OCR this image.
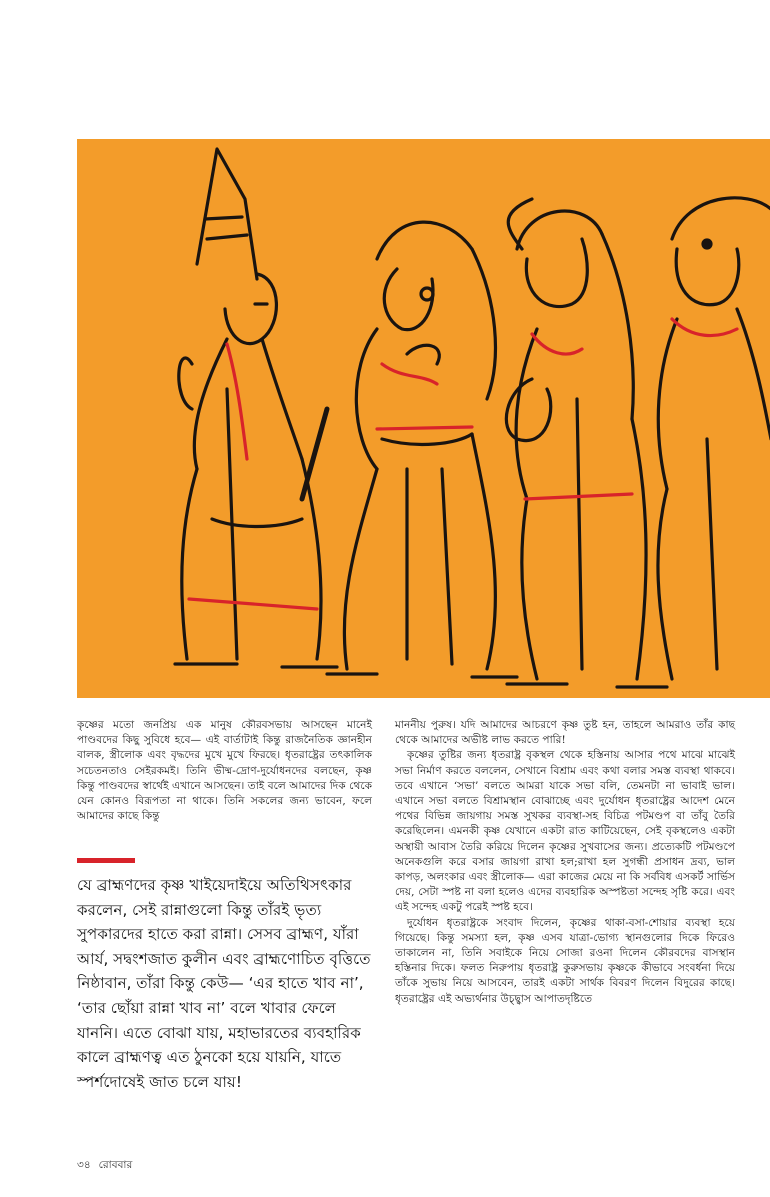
কৃষ্ণের মতো জনপ্রিয় এক মানুষ কৌরবসভায় আসছেন মানেই পাণ্ডবদের কিছু সুবিধে হবে— এই বার্তাটাই কিন্তু রাজনৈতিক জ্ঞানহীন বালক, স্ত্রীলোক এবং বৃদ্ধদের মুখে মুখে ফিরছে। ধৃতরাষ্ট্রের তৎকালিক সচেতনতাও সেইরকমই। তিনি ভীষ্ম-দ্রোণ-দুর্যোধনদের বলছেন, কৃষ্ণ কিন্তু পাণ্ডবদের স্বার্থেই এখানে আসছেন। তাই বলে আমাদের দিক থেকে যেন কোনও বিরূপতা না থাকে। তিনি সকলের জন্য ভাবেন, ফলে আমাদের কাছে কিন্তু
যে ব্রাহ্মণদের কৃষ্ণ খাইয়েদাইয়ে অতিথিসৎকার করলেন, সেই রান্নাগুলো কিন্তু তাঁরই ভৃত্য সুপকারদের হাতে করা রান্না। সেসব ব্রাহ্মণ, যাঁরা আর্য, সদ্বংশজাত কুলীন এবং ব্রাহ্মণোচিত বৃত্তিতে নিষ্ঠাবান, তাঁরা কিন্তু কেউ— ‘এর হাতে খাব না’, ‘তার ছোঁয়া রান্না খাব না’ বলে খাবার ফেলে যাননি। এতে বোঝা যায়, মহাভারতের ব্যবহারিক কালে ব্রাহ্মণত্ব এত ঠুনকো হয়ে যায়নি, যাতে স্পর্শদোষেই জাত চলে যায়!

মাননীয় পুরুষ। যদি আমাদের আচরণে কৃষ্ণ তুষ্ট হন, তাহলে আমরাও তাঁর কাছ থেকে আমাদের অভীষ্ট লাভ করতে পারি!

কৃষ্ণের তুষ্টির জন্য ধৃতরাষ্ট্র বৃকস্থল থেকে হস্তিনায় আসার পথে মাঝে মাঝেই সভা নির্মাণ করতে বললেন, সেখানে বিশ্রাম এবং কথা বলার সমস্ত ব্যবস্থা থাকবে। তবে এখানে ‘সভা’ বলতে আমরা যাকে সভা বলি, তেমনটা না ভাবাই ভাল। এখানে সভা বলতে বিশ্রামস্থান বোঝাচ্ছে এবং দুর্যোধন ধৃতরাষ্ট্রের আদেশ মেনে পথের বিভিন্ন জায়গায় সমস্ত সুখকর ব্যবস্থা-সহ বিচিত্র পটমণ্ডপ বা তাঁবু তৈরি করেছিলেন। এমনকী কৃষ্ণ যেখানে একটা রাত কাটিয়েছেন, সেই বৃকস্থলেও একটা অস্থায়ী আবাস তৈরি করিয়ে দিলেন কৃষ্ণের সুখবাসের জন্য। প্রত্যেকটি পটমণ্ডপে অনেকগুলি করে বসার জায়গা রাখা হল;রাখা হল সুগন্ধী প্রসাধন দ্রব্য, ভাল কাপড়, অলংকার এবং স্ত্রীলোক— এরা কাজের মেয়ে না কি সর্ববিধ এসকর্ট সার্ভিস দেয়, সেটা স্পষ্ট না বলা হলেও এদের ব্যবহারিক অস্পষ্টতা সন্দেহ সৃষ্টি করে। এবং এই সন্দেহ একটু পরেই স্পষ্ট হবে।

দুর্যোধন ধৃতরাষ্ট্রকে সংবাদ দিলেন, কৃষ্ণের থাকা-বসা-শোয়ার ব্যবস্থা হয়ে গিয়েছে। কিন্তু সমস্যা হল, কৃষ্ণ এসব যাত্রা-ভোগ্য স্থানগুলোর দিকে ফিরেও তাকালেন না, তিনি সবাইকে নিয়ে সোজা রওনা দিলেন কৌরবদের বাসস্থান হস্তিনার দিকে। ফলত নিরুপায় ধৃতরাষ্ট্র কুরুসভায় কৃষ্ণকে কীভাবে সংবর্ধনা দিয়ে তাঁকে সুভায় নিয়ে আসবেন, তারই একটা সার্থক বিবরণ দিলেন বিদুরের কাছে। ধৃতরাষ্ট্রের এই অভ্যর্থনার উচ্ছ্বাস আপাতদৃষ্টিতে

৩৪ রোববার
